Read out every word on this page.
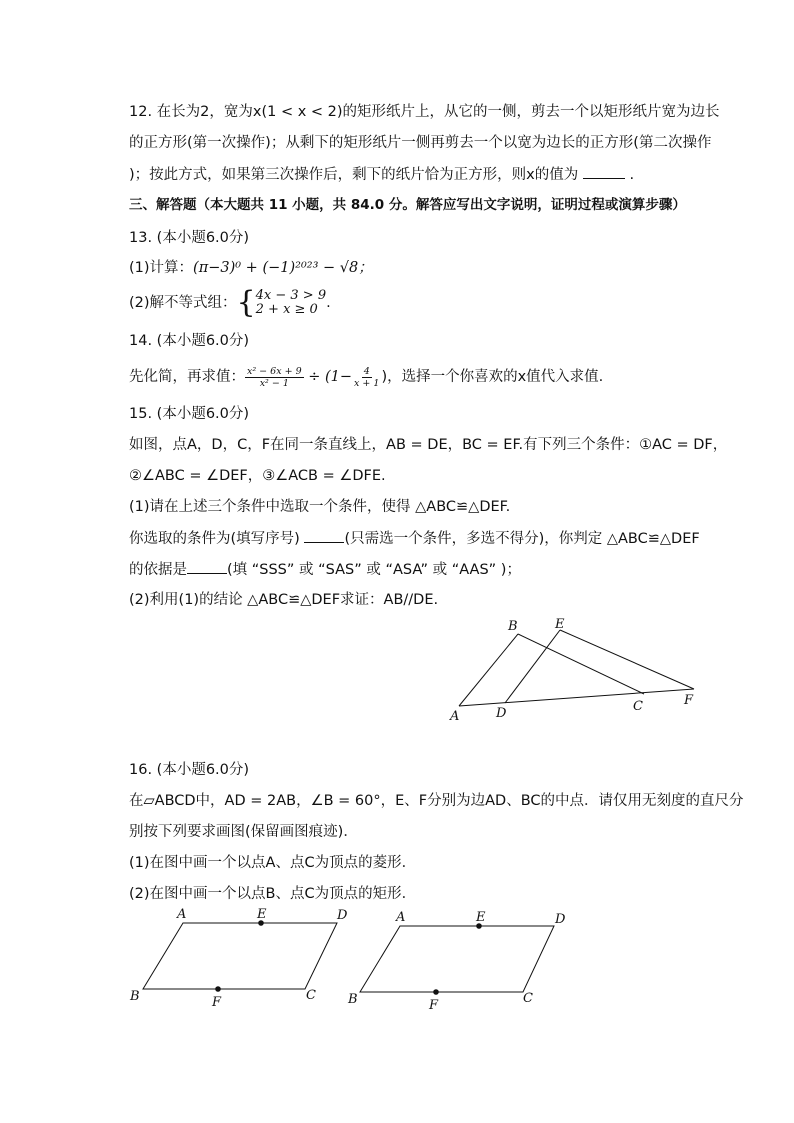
12. 在长为2，宽为x(1 < x < 2)的矩形纸片上，从它的一侧，剪去一个以矩形纸片宽为边长
的正方形(第一次操作)；从剩下的矩形纸片一侧再剪去一个以宽为边长的正方形(第二次操作
)；按此方式，如果第三次操作后，剩下的纸片恰为正方形，则x的值为	.
三、解答题（本大题共 11 小题，共 84.0 分。解答应写出文字说明，证明过程或演算步骤）
13. (本小题6.0分)
(1)计算：(π−3)⁰ + (−1)²⁰²³ − √8；
(2)解不等式组：{ 4x − 3 > 9
2 + x ≥ 0 .
14. (本小题6.0分)
先化简，再求值： $\frac{\text{x² − 6x + 9}}{\text{x² − 1}} \div (1- \frac{4}{x + 1}$ )，选择一个你喜欢的x值代入求值.
15. (本小题6.0分)
如图，点A，D，C，F在同一条直线上，AB = DE，BC = EF.有下列三个条件：①AC = DF，
②∠ABC = ∠DEF，③∠ACB = ∠DFE.
(1)请在上述三个条件中选取一个条件，使得 △ABC≌△DEF.
你选取的条件为(填写序号)	(只需选一个条件，多选不得分)，你判定 △ABC≌△DEF
的依据是	(填 “SSS” 或 “SAS” 或 “ASA” 或 “AAS” )；
(2)利用(1)的结论 △ABC≌△DEF求证：AB//DE.
A
B
C
D
E
F
16. (本小题6.0分)
在▱ABCD中，AD = 2AB，∠B = 60°，E、F分别为边AD、BC的中点．请仅用无刻度的直尺分
别按下列要求画图(保留画图痕迹)．
(1)在图中画一个以点A、点C为顶点的菱形．
(2)在图中画一个以点B、点C为顶点的矩形．
A	E	D
B	F	C
A	E	D
B	F	C
